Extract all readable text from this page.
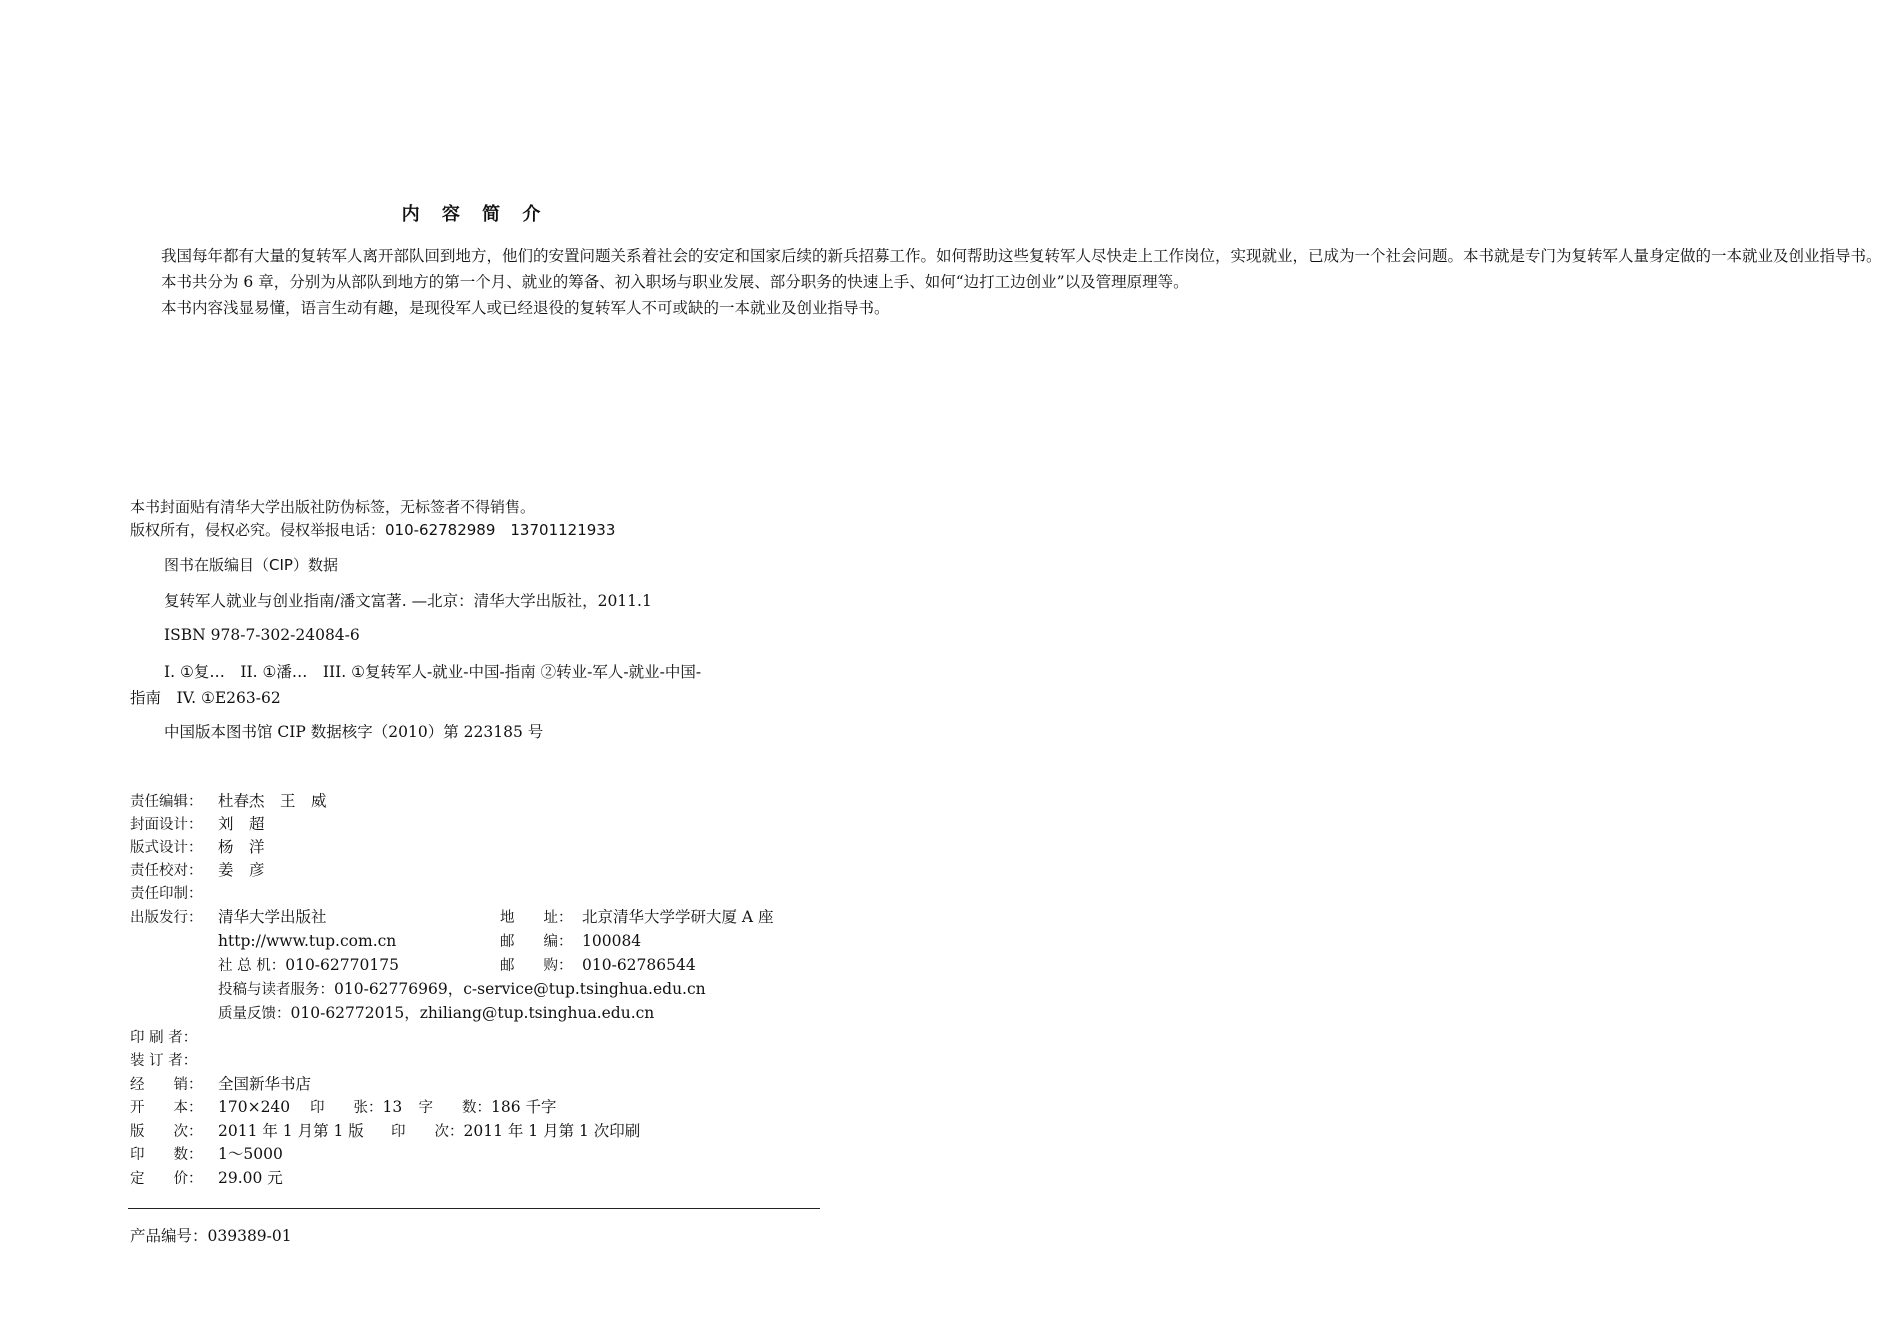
内 容 简 介

我国每年都有大量的复转军人离开部队回到地方，他们的安置问题关系着社会的安定和国家后续的新兵招募工作。如何帮助这些复转军人尽快走上工作岗位，实现就业，已成为一个社会问题。本书就是专门为复转军人量身定做的一本就业及创业指导书。

本书共分为 6 章，分别为从部队到地方的第一个月、就业的筹备、初入职场与职业发展、部分职务的快速上手、如何“边打工边创业”以及管理原理等。

本书内容浅显易懂，语言生动有趣，是现役军人或已经退役的复转军人不可或缺的一本就业及创业指导书。

本书封面贴有清华大学出版社防伪标签，无标签者不得销售。
版权所有，侵权必究。侵权举报电话：010-62782989　13701121933
图书在版编目（CIP）数据
复转军人就业与创业指南/潘文富著. —北京：清华大学出版社，2011.1
ISBN 978-7-302-24084-6
I. ①复…　II. ①潘…　III. ①复转军人-就业-中国-指南 ②转业-军人-就业-中国-
指南　IV. ①E263-62
中国版本图书馆 CIP 数据核字（2010）第 223185 号
责任编辑： 杜春杰　王　威
封面设计： 刘　超
版式设计： 杨　洋
责任校对： 姜　彦
责任印制：
出版发行： 清华大学出版社	地　　址： 北京清华大学学研大厦 A 座
http://www.tup.com.cn	邮　　编： 100084
社 总 机：010-62770175	邮　　购： 010-62786544
投稿与读者服务：010-62776969，c-service@tup.tsinghua.edu.cn
质量反馈：010-62772015，zhiliang@tup.tsinghua.edu.cn
印 刷 者：
装 订 者：
经　　销： 全国新华书店
开　　本： 170×240 印　　张：13 字　　数：186 千字
版　　次： 2011 年 1 月第 1 版 印　　次：2011 年 1 月第 1 次印刷
印　　数： 1～5000
定　　价： 29.00 元
产品编号：039389-01
